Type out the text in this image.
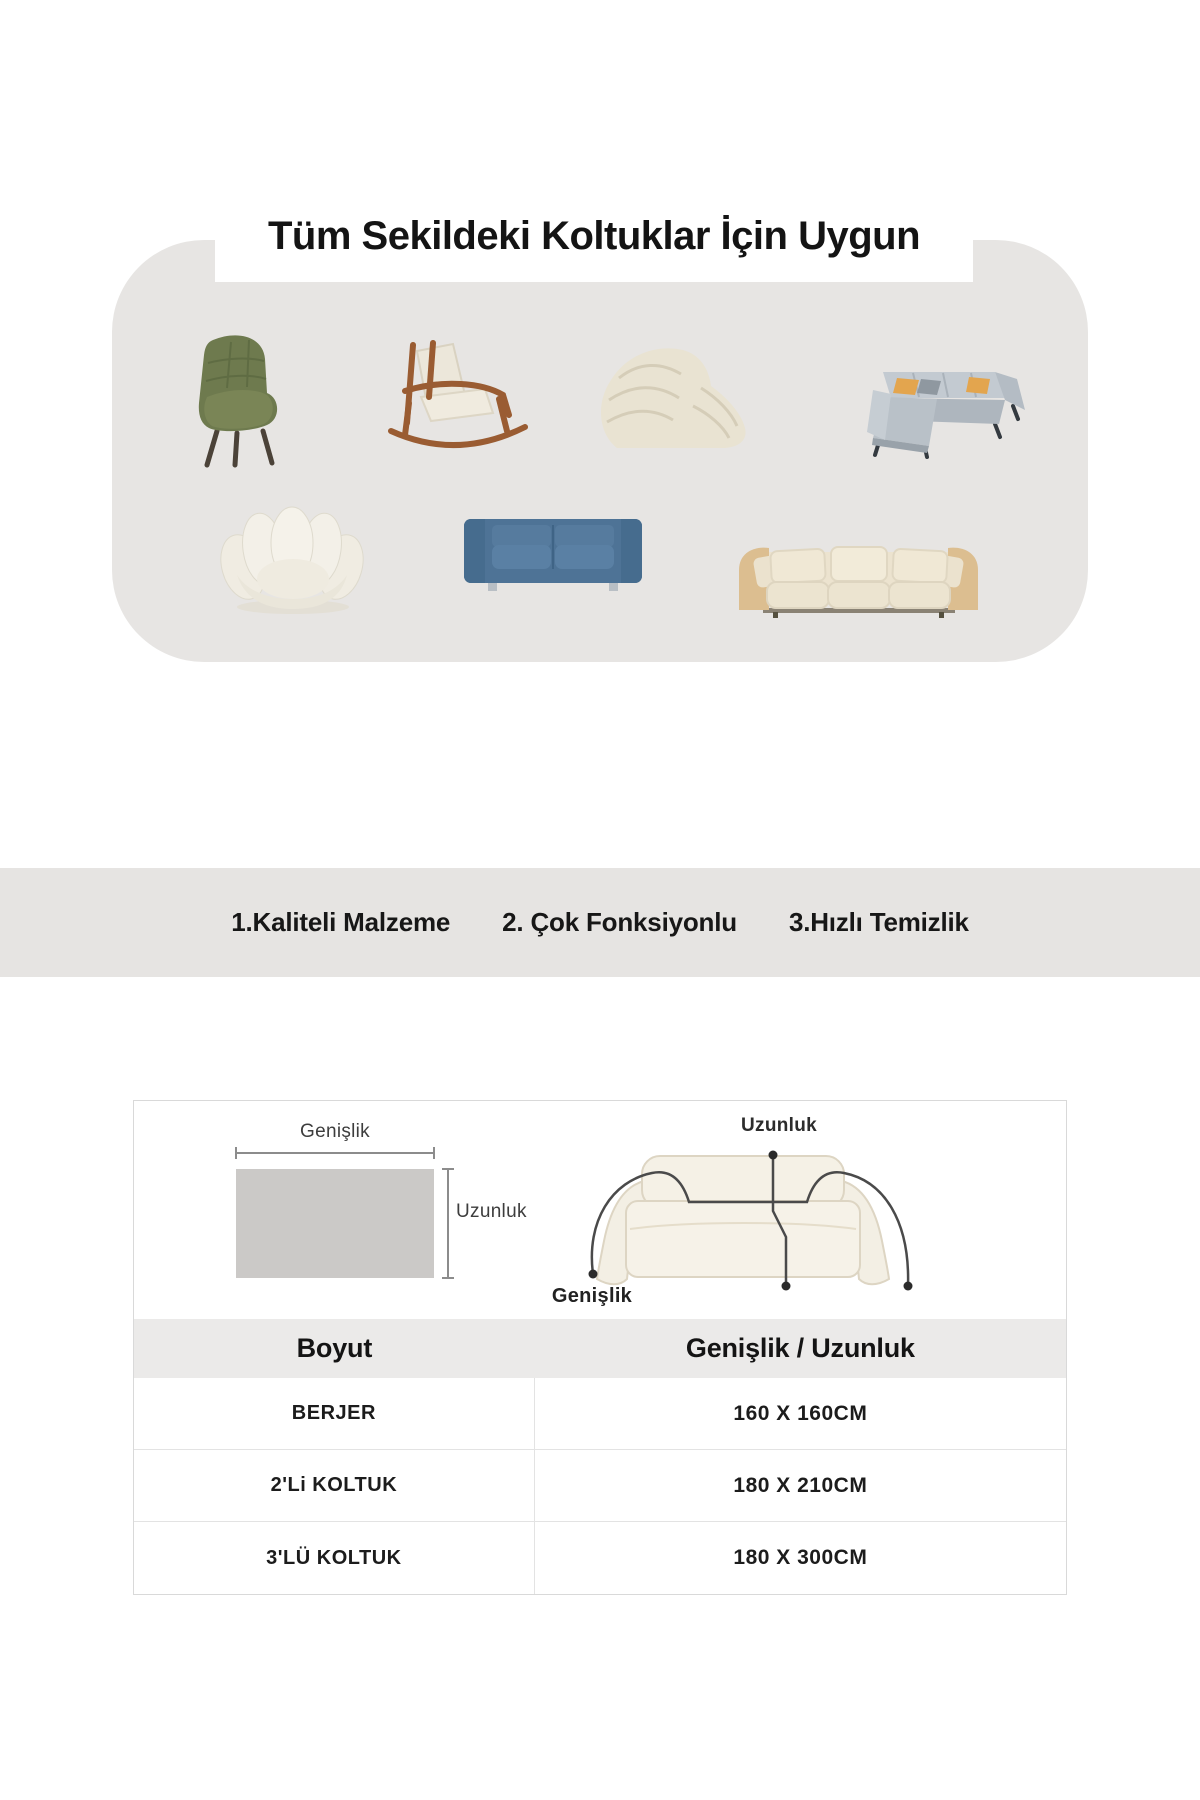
Tüm Sekildeki Koltuklar İçin Uygun
1.Kaliteli Malzeme 2. Çok Fonksiyonlu 3.Hızlı Temizlik
Genişlik
Uzunluk
Uzunluk
Genişlik
Boyut	Genişlik / Uzunluk
BERJER	160 X 160CM
2'Li KOLTUK	180 X 210CM
3'LÜ KOLTUK	180 X 300CM
